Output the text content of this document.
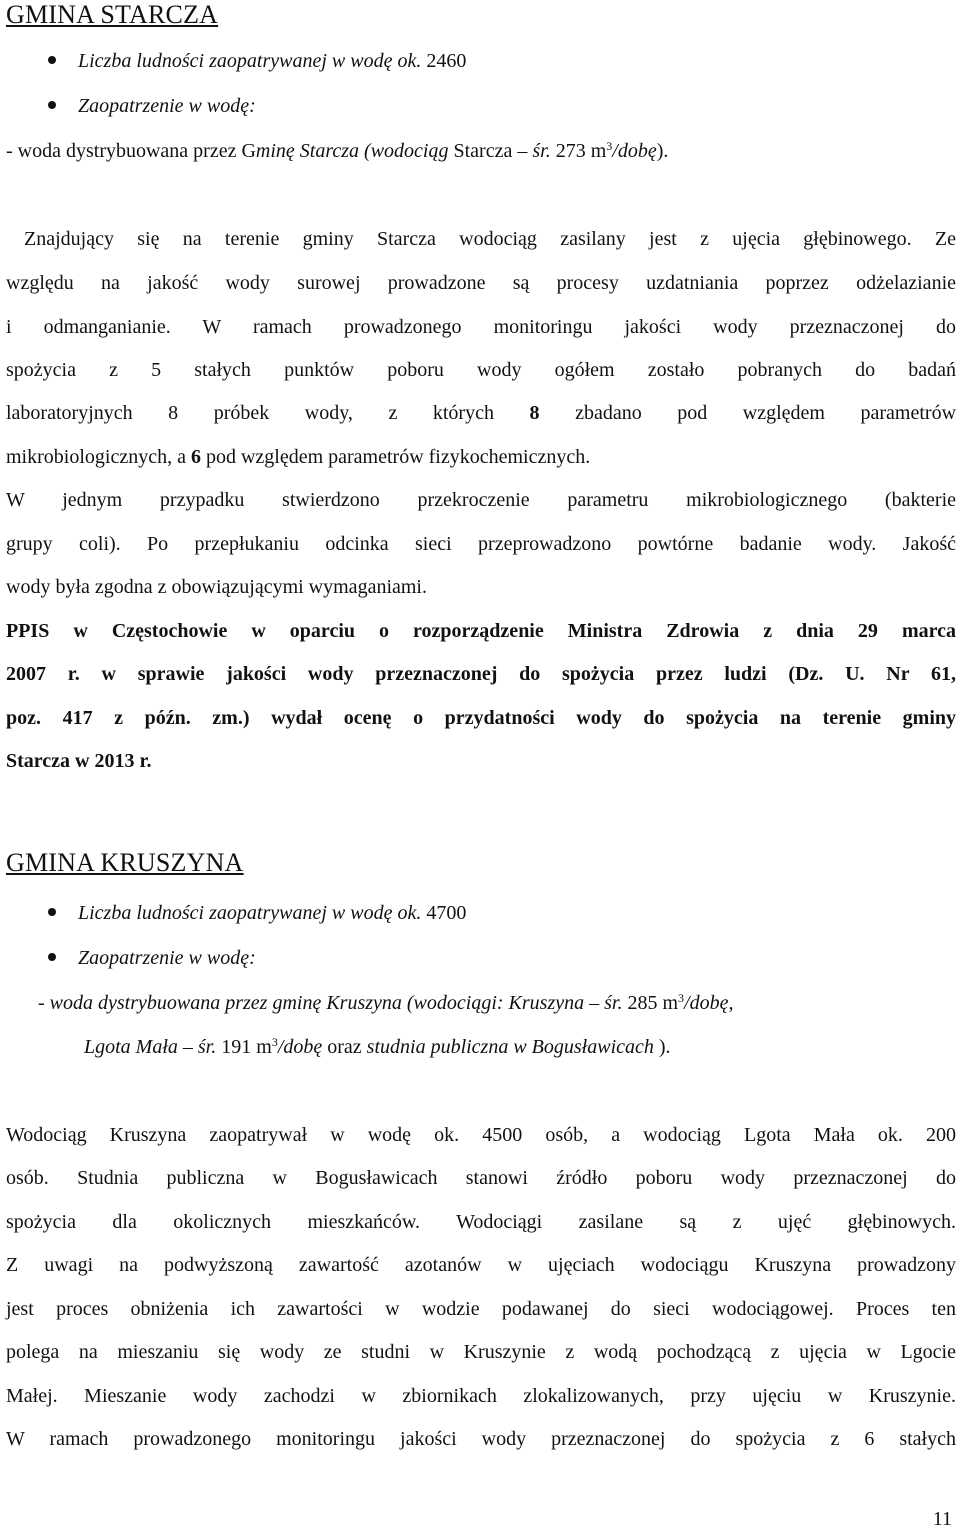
GMINA STARCZA
Liczba ludności zaopatrywanej w wodę ok. 2460
Zaopatrzenie w wodę:
- woda dystrybuowana przez Gminę Starcza (wodociąg Starcza – śr. 273 $m^3/dobę$).
Znajdujący się na terenie gminy Starcza wodociąg zasilany jest z ujęcia głębinowego. Ze
względu na jakość wody surowej prowadzone są procesy uzdatniania poprzez odżelazianie
i odmanganianie. W ramach prowadzonego monitoringu jakości wody przeznaczonej do
spożycia z 5 stałych punktów poboru wody ogółem zostało pobranych do badań
laboratoryjnych 8 próbek wody, z których 8 zbadano pod względem parametrów
mikrobiologicznych, a 6 pod względem parametrów fizykochemicznych.
W jednym przypadku stwierdzono przekroczenie parametru mikrobiologicznego (bakterie
grupy coli). Po przepłukaniu odcinka sieci przeprowadzono powtórne badanie wody. Jakość
wody była zgodna z obowiązującymi wymaganiami.
PPIS w Częstochowie w oparciu o rozporządzenie Ministra Zdrowia z dnia 29 marca
2007 r. w sprawie jakości wody przeznaczonej do spożycia przez ludzi (Dz. U. Nr 61,
poz. 417 z późn. zm.) wydał ocenę o przydatności wody do spożycia na terenie gminy
Starcza w 2013 r.
GMINA KRUSZYNA
Liczba ludności zaopatrywanej w wodę ok. 4700
Zaopatrzenie w wodę:
- woda dystrybuowana przez gminę Kruszyna (wodociągi: Kruszyna – śr. 285 $m^3$/dobę,
Lgota Mała – śr. 191 $m^3$/dobę oraz studnia publiczna w Bogusławicach ).
Wodociąg Kruszyna zaopatrywał w wodę ok. 4500 osób, a wodociąg Lgota Mała ok. 200
osób. Studnia publiczna w Bogusławicach stanowi źródło poboru wody przeznaczonej do
spożycia dla okolicznych mieszkańców. Wodociągi zasilane są z ujęć głębinowych.
Z uwagi na podwyższoną zawartość azotanów w ujęciach wodociągu Kruszyna prowadzony
jest proces obniżenia ich zawartości w wodzie podawanej do sieci wodociągowej. Proces ten
polega na mieszaniu się wody ze studni w Kruszynie z wodą pochodzącą z ujęcia w Lgocie
Małej. Mieszanie wody zachodzi w zbiornikach zlokalizowanych, przy ujęciu w Kruszynie.
W ramach prowadzonego monitoringu jakości wody przeznaczonej do spożycia z 6 stałych
11
